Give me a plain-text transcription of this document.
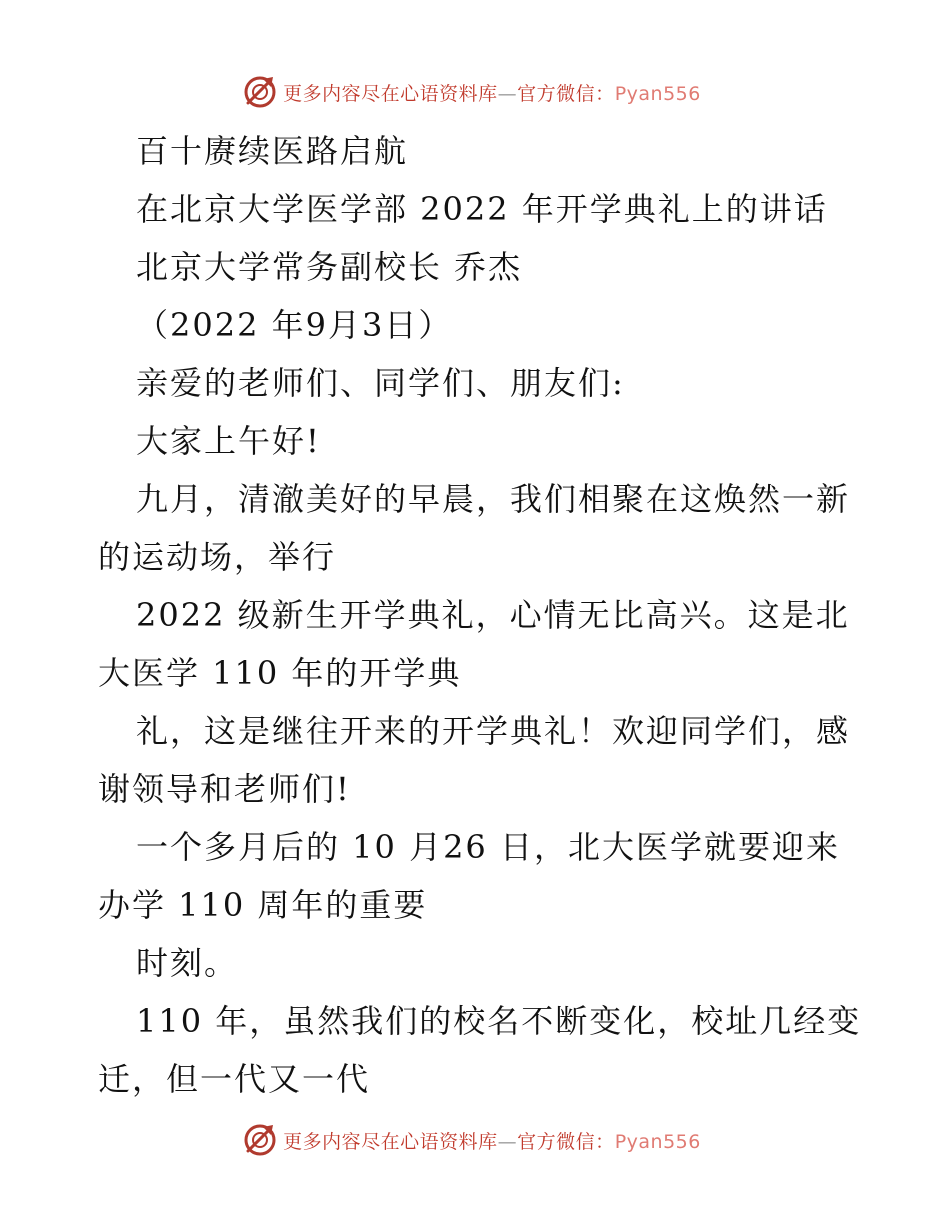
更多内容尽在心语资料库—官方微信：Pyan556
百十赓续医路启航
在北京大学医学部 2022 年开学典礼上的讲话
北京大学常务副校长 乔杰
（2022 年9月3日）
亲爱的老师们、同学们、朋友们:
大家上午好!
九月，清澈美好的早晨，我们相聚在这焕然一新
的运动场，举行
2022 级新生开学典礼，心情无比高兴。这是北
大医学 110 年的开学典
礼，这是继往开来的开学典礼！欢迎同学们，感
谢领导和老师们!
一个多月后的 10 月26 日，北大医学就要迎来
办学 110 周年的重要
时刻。
110 年，虽然我们的校名不断变化，校址几经变
迁，但一代又一代
更多内容尽在心语资料库—官方微信：Pyan556
